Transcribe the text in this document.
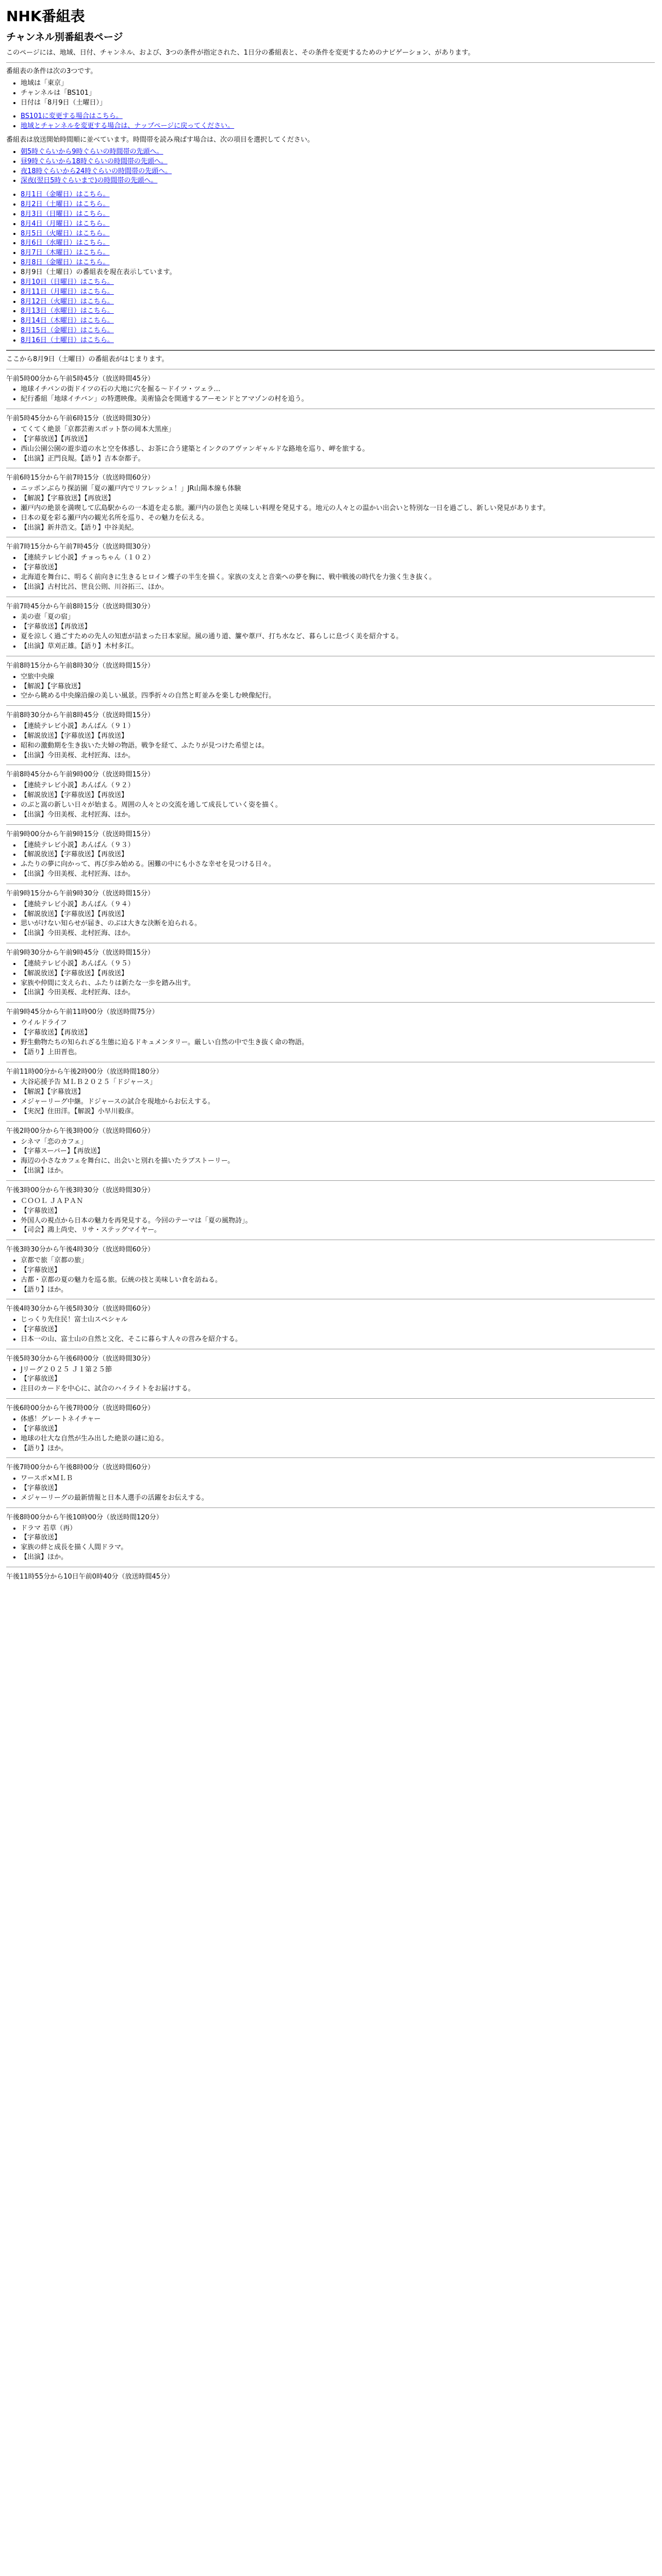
NHK番組表
チャンネル別番組表ページ

このページには、地域、日付、チャンネル、および、3つの条件が指定された、1日分の番組表と、その条件を変更するためのナビゲーション、があります。

番組表の条件は次の3つです。

• 地域は「東京」
• チャンネルは「BS101」
• 日付は「8月9日（土曜日）」
• BS101に変更する場合はこちら。
• 地域とチャンネルを変更する場合は、ナップページに戻ってください。

番組表は放送開始時間順に並べています。時間帯を読み飛ばす場合は、次の項目を選択してください。

• 朝5時ぐらいから9時ぐらいの時間帯の先頭へ。
• 昼9時ぐらいから18時ぐらいの時間帯の先頭へ。
• 夜18時ぐらいから24時ぐらいの時間帯の先頭へ。
• 深夜(翌日5時ぐらいまで)の時間帯の先頭へ。
• 8月1日（金曜日）はこちら。
• 8月2日（土曜日）はこちら。
• 8月3日（日曜日）はこちら。
• 8月4日（月曜日）はこちら。
• 8月5日（火曜日）はこちら。
• 8月6日（水曜日）はこちら。
• 8月7日（木曜日）はこちら。
• 8月8日（金曜日）はこちら。
• 8月9日（土曜日）の番組表を現在表示しています。
• 8月10日（日曜日）はこちら。
• 8月11日（月曜日）はこちら。
• 8月12日（火曜日）はこちら。
• 8月13日（水曜日）はこちら。
• 8月14日（木曜日）はこちら。
• 8月15日（金曜日）はこちら。
• 8月16日（土曜日）はこちら。

ここから8月9日（土曜日）の番組表がはじまります。

午前5時00分から午前5時45分（放送時間45分）

• 地球イチバンの街ドイツの石の大地に穴を掘る～ドイツ・ツェラ…
• 紀行番組「地球イチバン」の特選映像。美術協会を開通するアーモンドとアマゾンの村を追う。

午前5時45分から午前6時15分（放送時間30分）

• てくてく絶景「京都芸術スポット祭の岡本大黒座」
• 【字幕放送】【再放送】
• 西山公園公園の遊歩道の水と空を体感し、お茶に合う建築とインクのアヴァンギャルドな路地を巡り、岬を旅する。
• 【出演】正門良規。【語り】吉本奈都子。

午前6時15分から午前7時15分（放送時間60分）

• ニッポンぶらり探訪園「夏の瀬戸内でリフレッシュ！」JR山陽本線も体験
• 【解説】【字幕放送】【再放送】
• 瀬戸内の絶景を満喫して広島駅からの一本道を走る旅。瀬戸内の景色と美味しい料理を発見する。地元の人々との温かい出会いと特別な一日を過ごし、新しい発見があります。
• 日本の夏を彩る瀬戸内の観光名所を巡り、その魅力を伝える。
• 【出演】新井浩文。【語り】中谷美紀。

午前7時15分から午前7時45分（放送時間30分）

• 【連続テレビ小説】チョっちゃん（１０２）
• 【字幕放送】
• 北海道を舞台に、明るく前向きに生きるヒロイン蝶子の半生を描く。家族の支えと音楽への夢を胸に、戦中戦後の時代を力強く生き抜く。
• 【出演】古村比呂、世良公則、川谷拓三、ほか。

午前7時45分から午前8時15分（放送時間30分）

• 美の壺「夏の宿」
• 【字幕放送】【再放送】
• 夏を涼しく過ごすための先人の知恵が詰まった日本家屋。風の通り道、簾や葦戸、打ち水など、暮らしに息づく美を紹介する。
• 【出演】草刈正雄。【語り】木村多江。

午前8時15分から午前8時30分（放送時間15分）

• 空旅中央線
• 【解説】【字幕放送】
• 空から眺める中央線沿線の美しい風景。四季折々の自然と町並みを楽しむ映像紀行。

午前8時30分から午前8時45分（放送時間15分）

• 【連続テレビ小説】あんぱん（９１）
• 【解説放送】【字幕放送】【再放送】
• 昭和の激動期を生き抜いた夫婦の物語。戦争を経て、ふたりが見つけた希望とは。
• 【出演】今田美桜、北村匠海、ほか。

午前8時45分から午前9時00分（放送時間15分）

• 【連続テレビ小説】あんぱん（９２）
• 【解説放送】【字幕放送】【再放送】
• のぶと嵩の新しい日々が始まる。周囲の人々との交流を通して成長していく姿を描く。
• 【出演】今田美桜、北村匠海、ほか。

午前9時00分から午前9時15分（放送時間15分）

• 【連続テレビ小説】あんぱん（９３）
• 【解説放送】【字幕放送】【再放送】
• ふたりの夢に向かって、再び歩み始める。困難の中にも小さな幸せを見つける日々。
• 【出演】今田美桜、北村匠海、ほか。

午前9時15分から午前9時30分（放送時間15分）

• 【連続テレビ小説】あんぱん（９４）
• 【解説放送】【字幕放送】【再放送】
• 思いがけない知らせが届き、のぶは大きな決断を迫られる。
• 【出演】今田美桜、北村匠海、ほか。

午前9時30分から午前9時45分（放送時間15分）

• 【連続テレビ小説】あんぱん（９５）
• 【解説放送】【字幕放送】【再放送】
• 家族や仲間に支えられ、ふたりは新たな一歩を踏み出す。
• 【出演】今田美桜、北村匠海、ほか。

午前9時45分から午前11時00分（放送時間75分）

• ウイルドライフ
• 【字幕放送】【再放送】
• 野生動物たちの知られざる生態に迫るドキュメンタリー。厳しい自然の中で生き抜く命の物語。
• 【語り】上田晋也。

午前11時00分から午後2時00分（放送時間180分）

• 大谷応援予告 ＭＬＢ２０２５「ドジャース」
• 【解説】【字幕放送】
• メジャーリーグ中継。ドジャースの試合を現地からお伝えする。
• 【実況】住田洋。【解説】小早川毅彦。

午後2時00分から午後3時00分（放送時間60分）

• シネマ「恋のカフェ」
• 【字幕スーパー】【再放送】
• 海辺の小さなカフェを舞台に、出会いと別れを描いたラブストーリー。
• 【出演】ほか。

午後3時00分から午後3時30分（放送時間30分）

• ＣＯＯＬ ＪＡＰＡＮ
• 【字幕放送】
• 外国人の視点から日本の魅力を再発見する。今回のテーマは「夏の風物詩」。
• 【司会】鴻上尚史、リサ・ステッグマイヤー。

午後3時30分から午後4時30分（放送時間60分）

• 京都で旅「京都の旅」
• 【字幕放送】
• 古都・京都の夏の魅力を巡る旅。伝統の技と美味しい食を訪ねる。
• 【語り】ほか。

午後4時30分から午後5時30分（放送時間60分）

• じっくり先住民！富士山スペシャル
• 【字幕放送】
• 日本一の山、富士山の自然と文化、そこに暮らす人々の営みを紹介する。

午後5時30分から午後6時00分（放送時間30分）

• Jリーグ２０２５ Ｊ１第２５節
• 【字幕放送】
• 注目のカードを中心に、試合のハイライトをお届けする。

午後6時00分から午後7時00分（放送時間60分）

• 体感！グレートネイチャー
• 【字幕放送】
• 地球の壮大な自然が生み出した絶景の謎に迫る。
• 【語り】ほか。

午後7時00分から午後8時00分（放送時間60分）

• ワースポ×ＭＬＢ
• 【字幕放送】
• メジャーリーグの最新情報と日本人選手の活躍をお伝えする。

午後8時00分から午後10時00分（放送時間120分）

• ドラマ 若草（再）
• 【字幕放送】
• 家族の絆と成長を描く人間ドラマ。
• 【出演】ほか。

午後11時55分から10日午前0時40分（放送時間45分）
